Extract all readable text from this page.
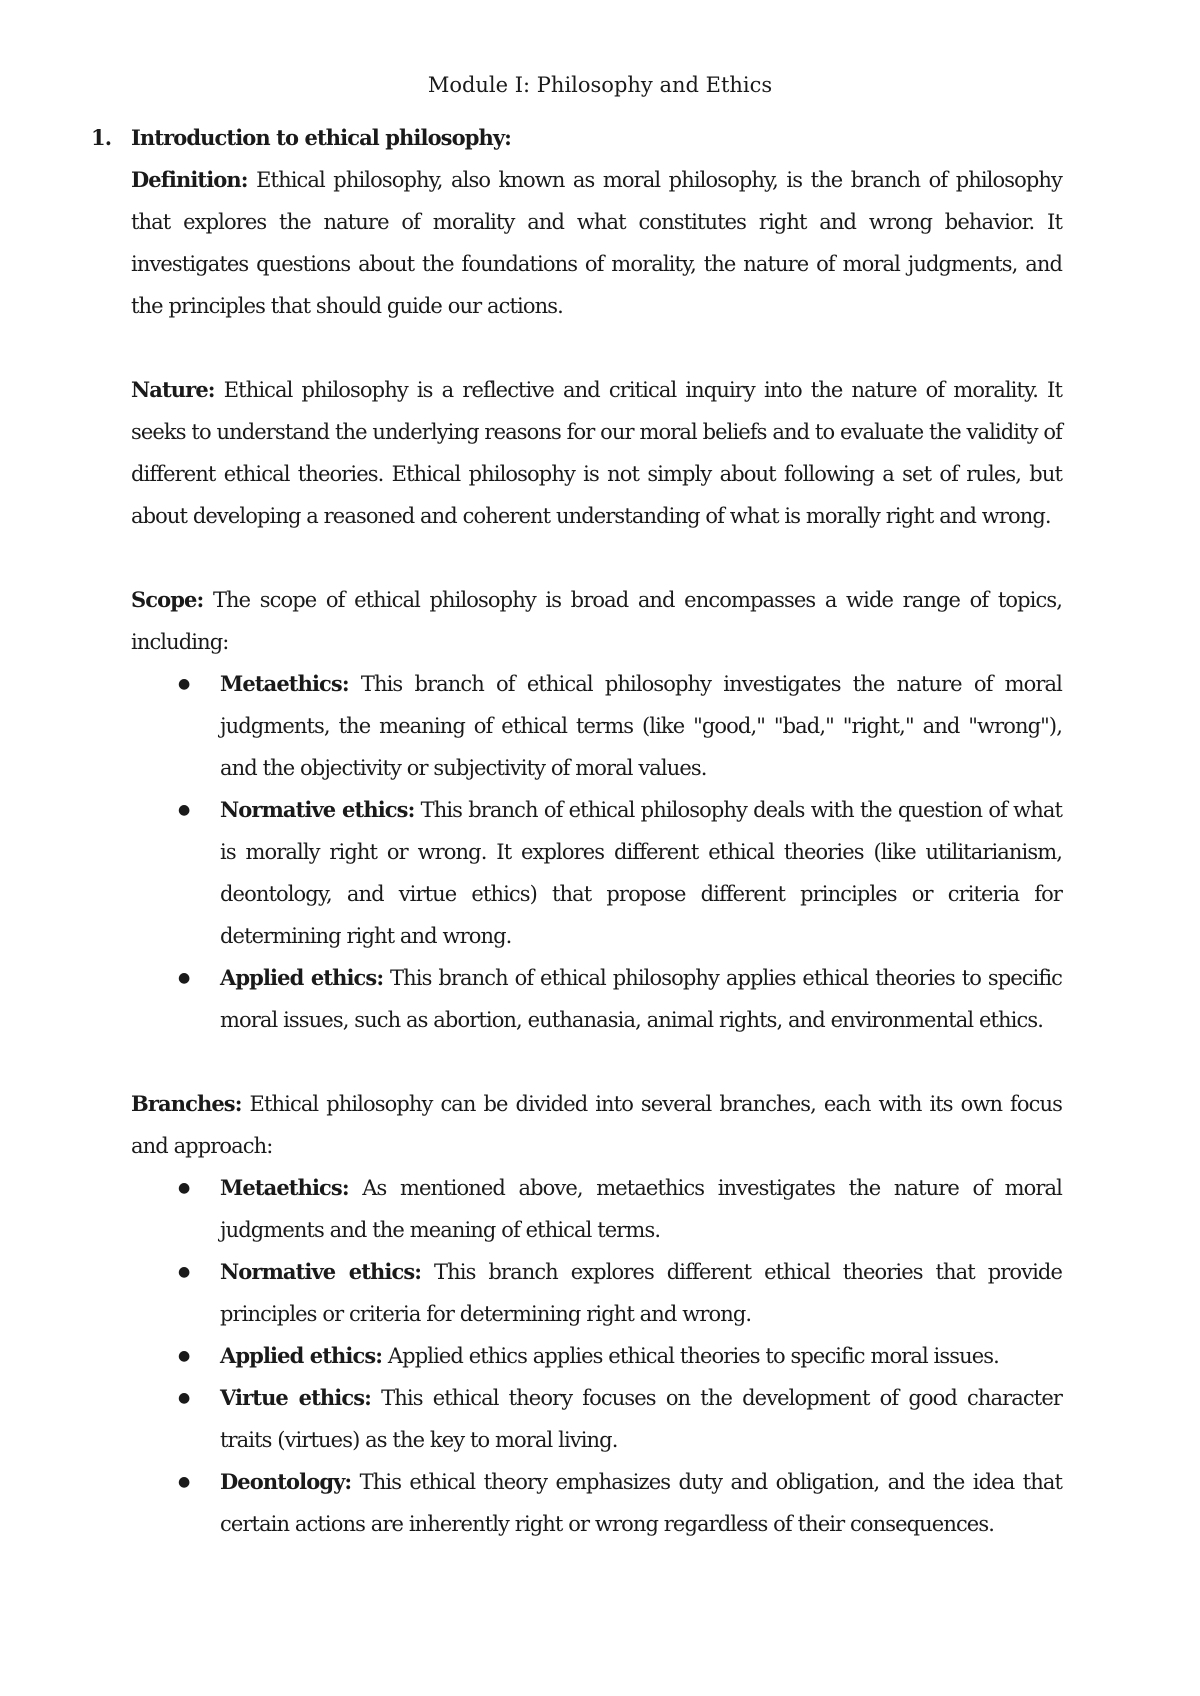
Module I: Philosophy and Ethics
1. Introduction to ethical philosophy:

Definition: Ethical philosophy, also known as moral philosophy, is the branch of philosophy that explores the nature of morality and what constitutes right and wrong behavior. It investigates questions about the foundations of morality, the nature of moral judgments, and the principles that should guide our actions.

Nature: Ethical philosophy is a reflective and critical inquiry into the nature of morality. It seeks to understand the underlying reasons for our moral beliefs and to evaluate the validity of different ethical theories. Ethical philosophy is not simply about following a set of rules, but about developing a reasoned and coherent understanding of what is morally right and wrong.

Scope: The scope of ethical philosophy is broad and encompasses a wide range of topics, including:

● Metaethics: This branch of ethical philosophy investigates the nature of moral judgments, the meaning of ethical terms (like "good," "bad," "right," and "wrong"), and the objectivity or subjectivity of moral values.
● Normative ethics: This branch of ethical philosophy deals with the question of what is morally right or wrong. It explores different ethical theories (like utilitarianism, deontology, and virtue ethics) that propose different principles or criteria for determining right and wrong.
● Applied ethics: This branch of ethical philosophy applies ethical theories to specific moral issues, such as abortion, euthanasia, animal rights, and environmental ethics.

Branches: Ethical philosophy can be divided into several branches, each with its own focus and approach:

● Metaethics: As mentioned above, metaethics investigates the nature of moral judgments and the meaning of ethical terms.
● Normative ethics: This branch explores different ethical theories that provide principles or criteria for determining right and wrong.
● Applied ethics: Applied ethics applies ethical theories to specific moral issues.
● Virtue ethics: This ethical theory focuses on the development of good character traits (virtues) as the key to moral living.
● Deontology: This ethical theory emphasizes duty and obligation, and the idea that certain actions are inherently right or wrong regardless of their consequences.
